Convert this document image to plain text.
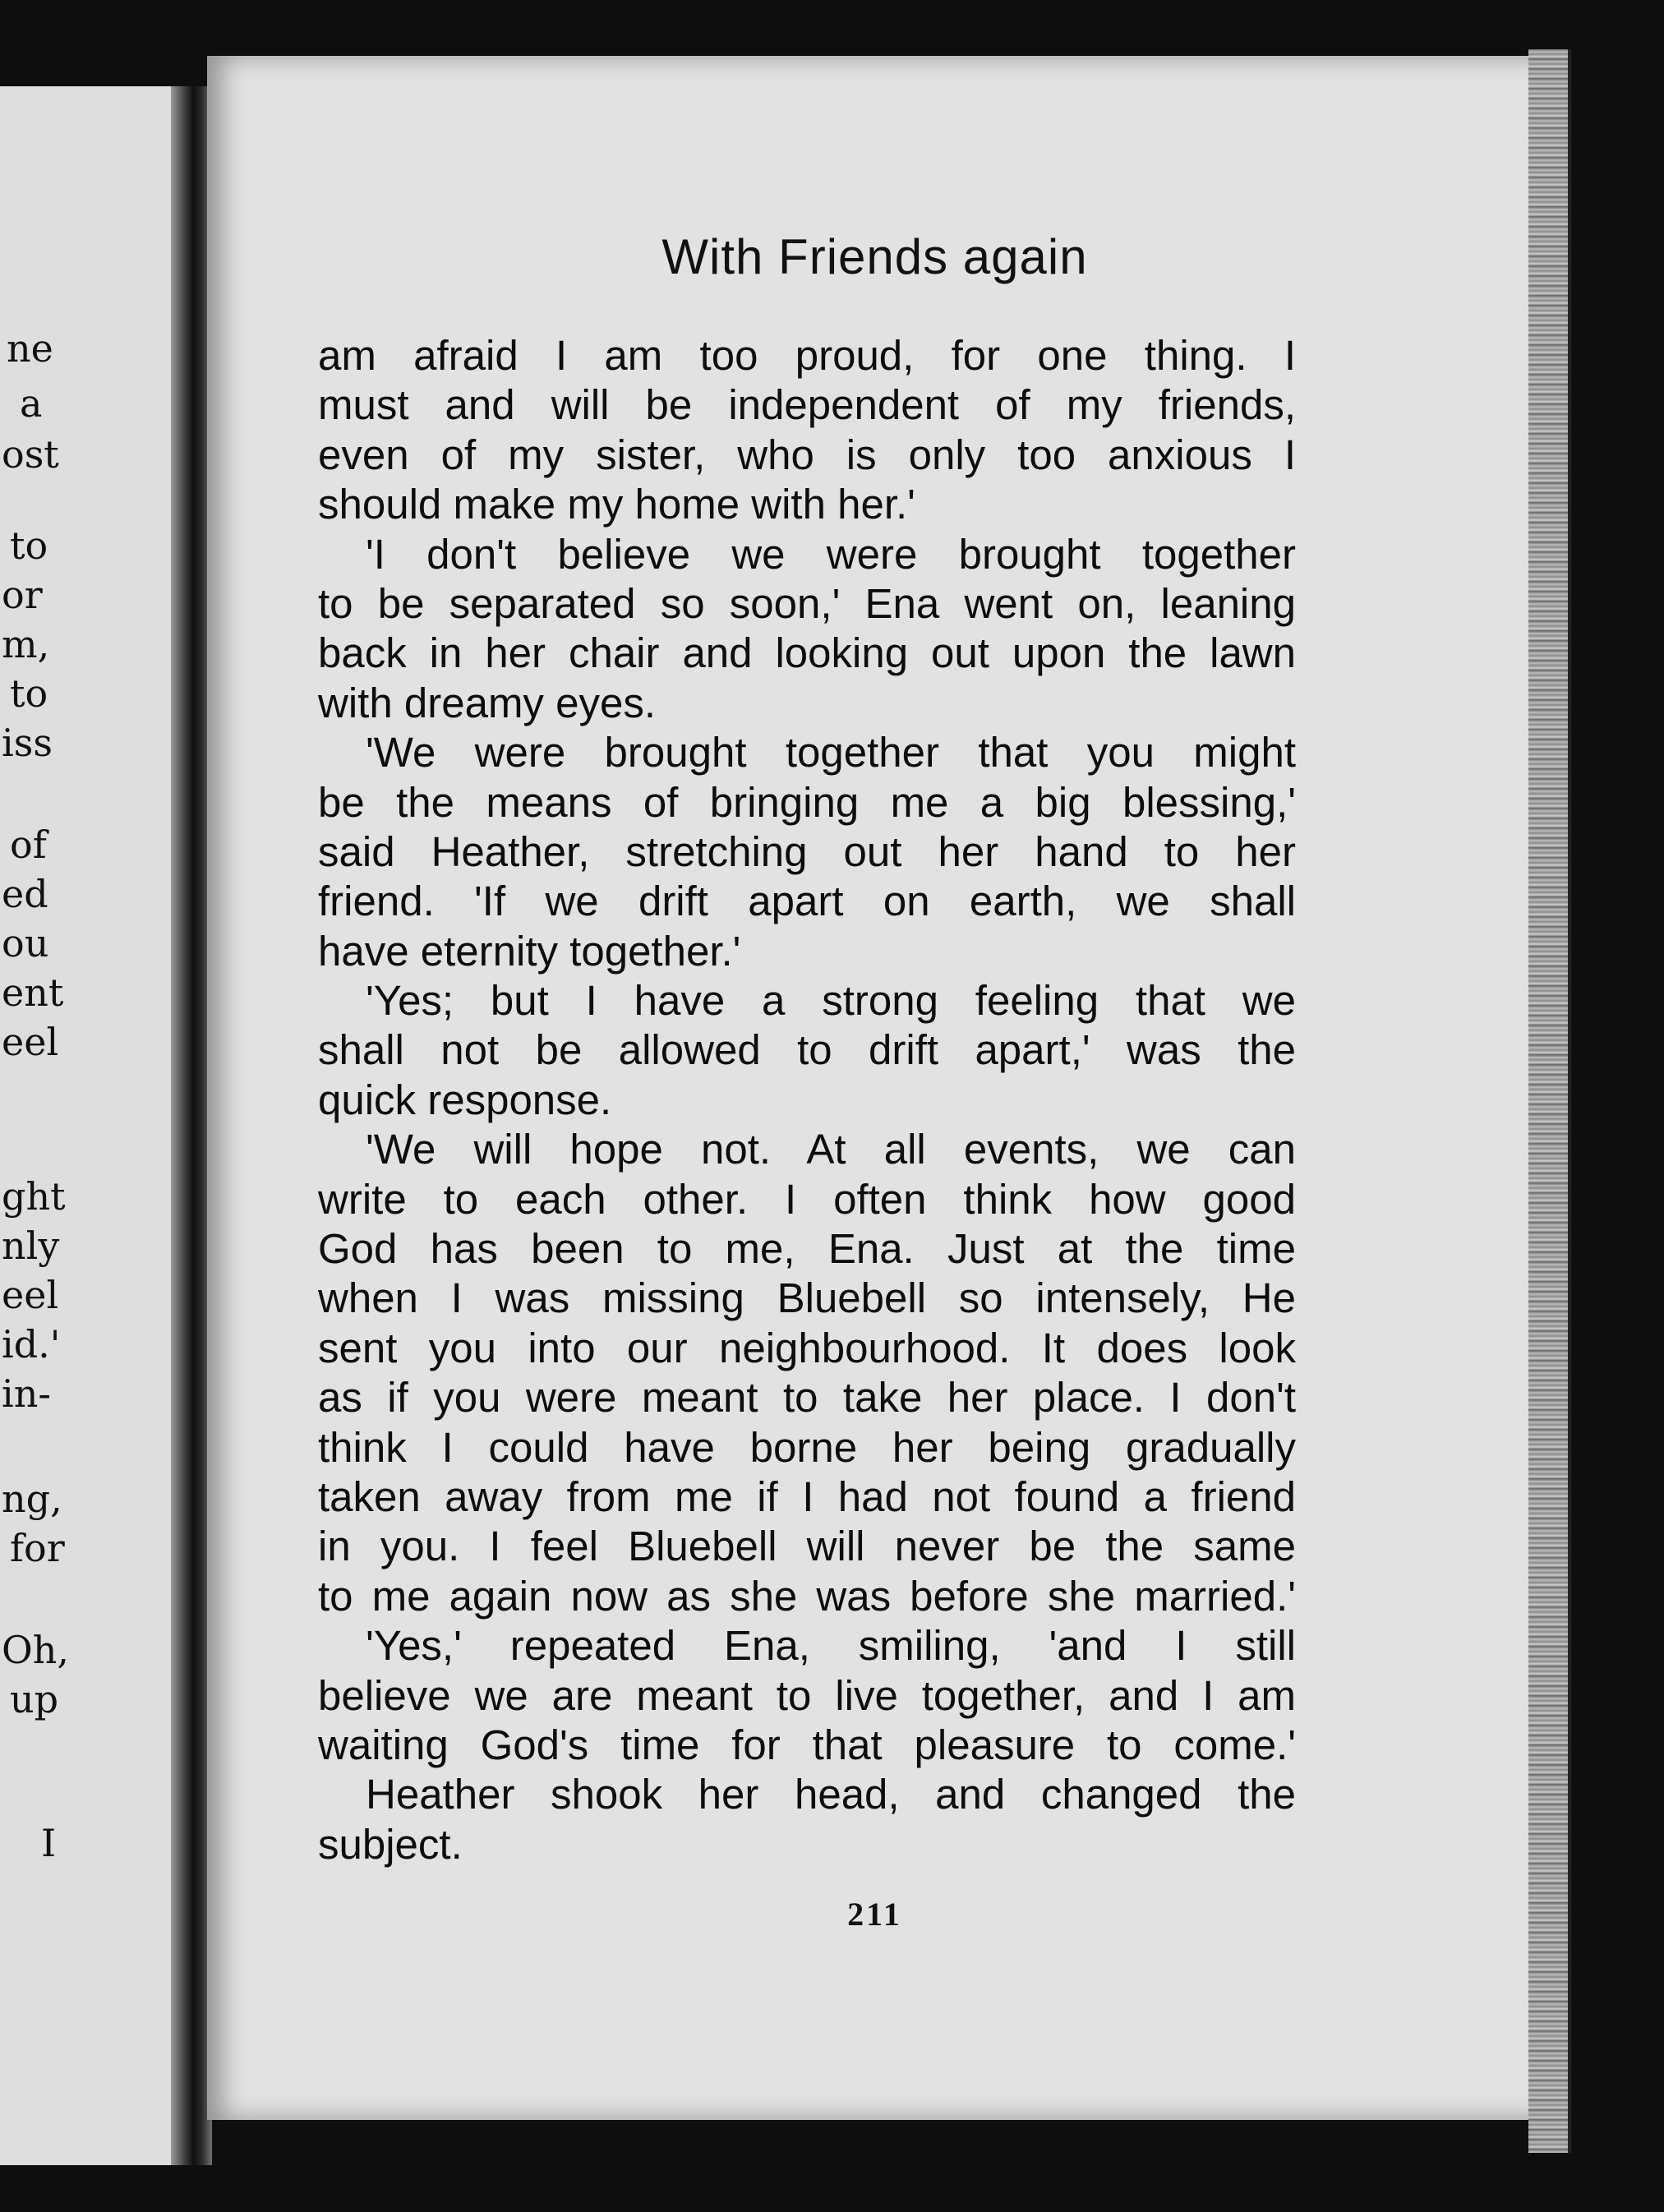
ne
a
ost
to
or
m,
to
iss
of
ed
ou
ent
eel
ght
nly
eel
id.'
in-
ng,
for
Oh,
up
I
With Friends again
am afraid I am too proud, for one thing. I
must and will be independent of my friends,
even of my sister, who is only too anxious I
should make my home with her.'
'I don't believe we were brought together
to be separated so soon,' Ena went on, leaning
back in her chair and looking out upon the lawn
with dreamy eyes.
'We were brought together that you might
be the means of bringing me a big blessing,'
said Heather, stretching out her hand to her
friend. 'If we drift apart on earth, we shall
have eternity together.'
'Yes; but I have a strong feeling that we
shall not be allowed to drift apart,' was the
quick response.
'We will hope not. At all events, we can
write to each other. I often think how good
God has been to me, Ena. Just at the time
when I was missing Bluebell so intensely, He
sent you into our neighbourhood. It does look
as if you were meant to take her place. I don't
think I could have borne her being gradually
taken away from me if I had not found a friend
in you. I feel Bluebell will never be the same
to me again now as she was before she married.'
'Yes,' repeated Ena, smiling, 'and I still
believe we are meant to live together, and I am
waiting God's time for that pleasure to come.'
Heather shook her head, and changed the
subject.
211
